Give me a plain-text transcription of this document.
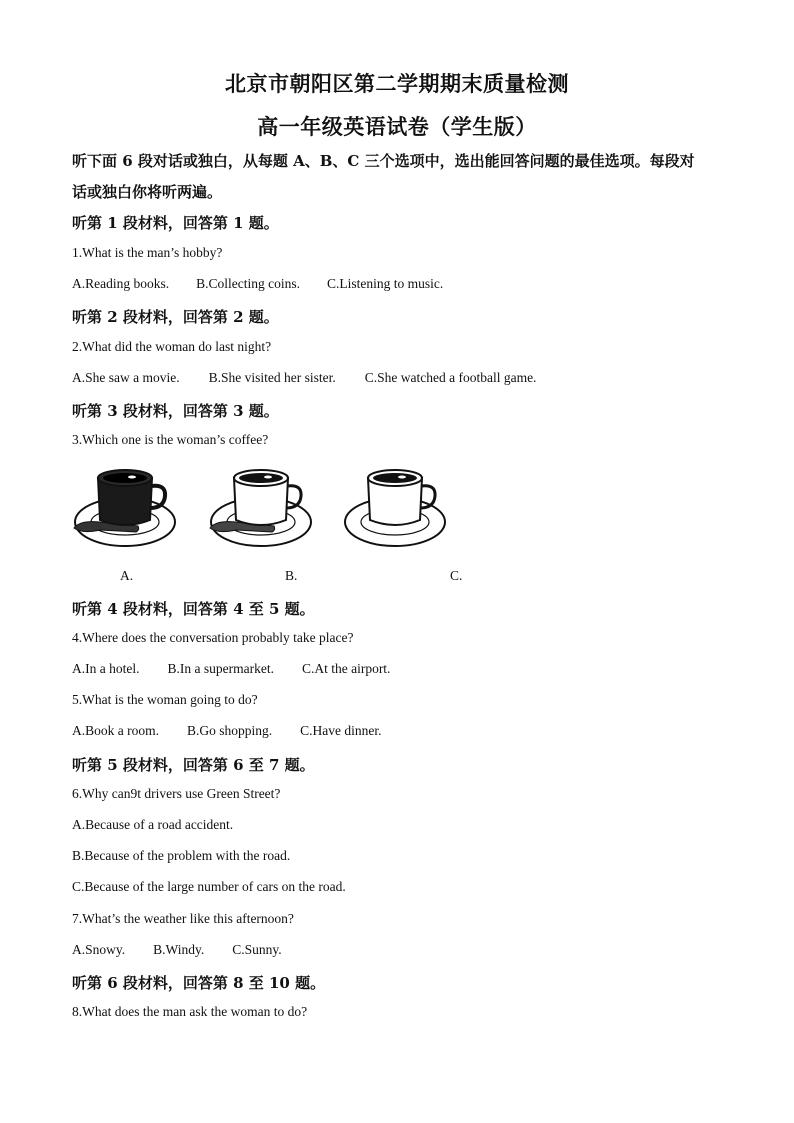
北京市朝阳区第二学期期末质量检测
高一年级英语试卷（学生版）
听下面 6 段对话或独白，从每题 A、B、C 三个选项中，选出能回答问题的最佳选项。每段对
话或独白你将听两遍。
听第 1 段材料，回答第 1 题。
1.What is the man’s hobby?
A.Reading books. B.Collecting coins. C.Listening to music.
听第 2 段材料，回答第 2 题。
2.What did the woman do last night?
A.She saw a movie. B.She visited her sister. C.She watched a football game.
听第 3 段材料，回答第 3 题。
3.Which one is the woman’s coffee?
A.	B.	C.
听第 4 段材料，回答第 4 至 5 题。
4.Where does the conversation probably take place?
A.In a hotel. B.In a supermarket. C.At the airport.
5.What is the woman going to do?
A.Book a room. B.Go shopping. C.Have dinner.
听第 5 段材料，回答第 6 至 7 题。
6.Why can9t drivers use Green Street?
A.Because of a road accident.
B.Because of the problem with the road.
C.Because of the large number of cars on the road.
7.What’s the weather like this afternoon?
A.Snowy. B.Windy. C.Sunny.
听第 6 段材料，回答第 8 至 10 题。
8.What does the man ask the woman to do?
